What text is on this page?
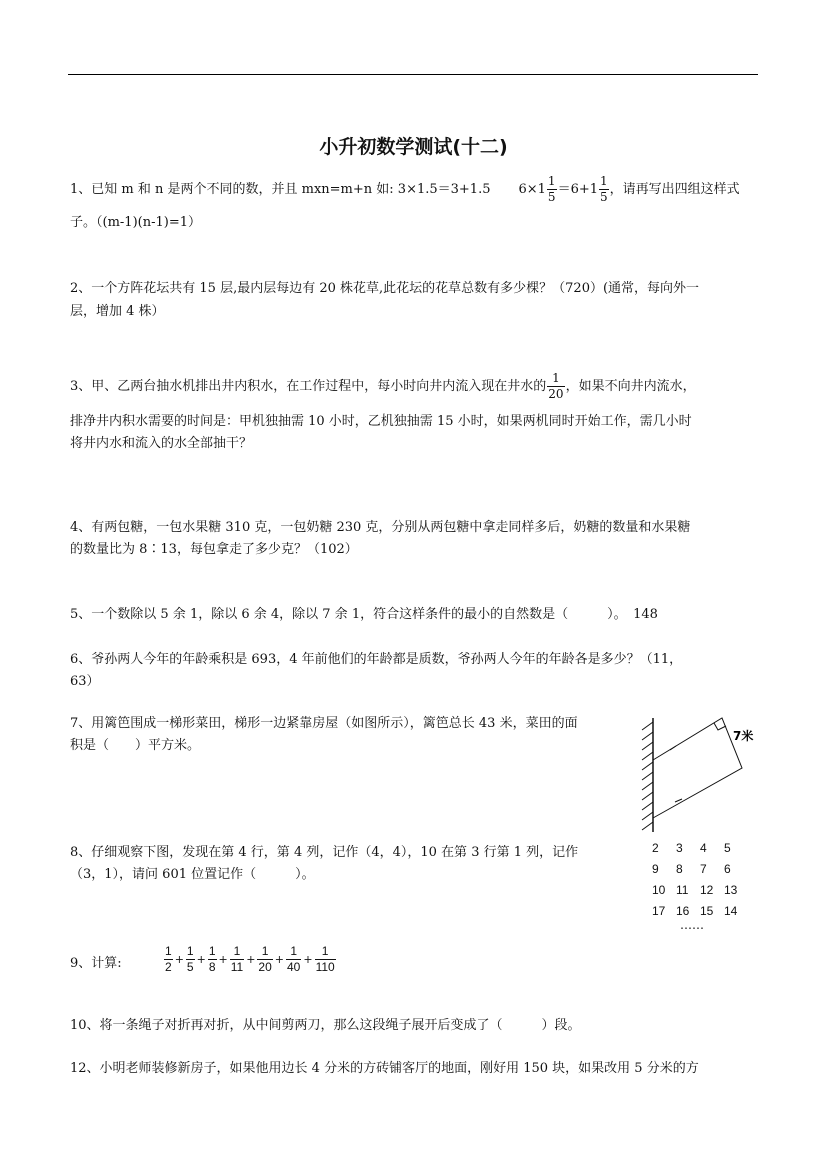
小升初数学测试(十二)
1、已知 m 和 n 是两个不同的数，并且 mxn=m+n 如: 3×1.5＝3+1.5 $6\times 1 \frac{1}{5} =6+1 \frac{1}{5}$ ，请再写出四组这样式
子。（(m-1)(n-1)=1）
2、一个方阵花坛共有 15 层,最内层每边有 20 株花草,此花坛的花草总数有多少棵？（720）(通常，每向外一
层，增加 4 株）
3、甲、乙两台抽水机排出井内积水，在工作过程中，每小时向井内流入现在井水的 $\frac{1}{20}$ ，如果不向井内流水，
排净井内积水需要的时间是：甲机独抽需 10 小时，乙机独抽需 15 小时，如果两机同时开始工作，需几小时
将井内水和流入的水全部抽干？
4、有两包糖，一包水果糖 310 克，一包奶糖 230 克，分别从两包糖中拿走同样多后，奶糖的数量和水果糖
的数量比为 8∶13，每包拿走了多少克？（102）
5、一个数除以 5 余 1，除以 6 余 4，除以 7 余 1，符合这样条件的最小的自然数是（　　　）。　148
6、爷孙两人今年的年龄乘积是 693，4 年前他们的年龄都是质数，爷孙两人今年的年龄各是多少？（11，
63）
7、用篱笆围成一梯形菜田，梯形一边紧靠房屋（如图所示），篱笆总长 43 米，菜田的面
积是（　　）平方米。
7米
8、仔细观察下图，发现在第 4 行，第 4 列，记作（4，4），10 在第 3 行第 1 列，记作
（3，1），请问 601 位置记作（　　　）。
2 3 4 5
9 8 7 6
10 11 12 13
17 16 15 14
……
9、计算:	$\frac{1}{2} + \frac{1}{5} + \frac{1}{8} + \frac{1}{11} + \frac{1}{20} + \frac{1}{40} + \frac{1}{110}$
10、将一条绳子对折再对折，从中间剪两刀，那么这段绳子展开后变成了（　　　）段。
12、小明老师装修新房子，如果他用边长 4 分米的方砖铺客厅的地面，刚好用 150 块，如果改用 5 分米的方
